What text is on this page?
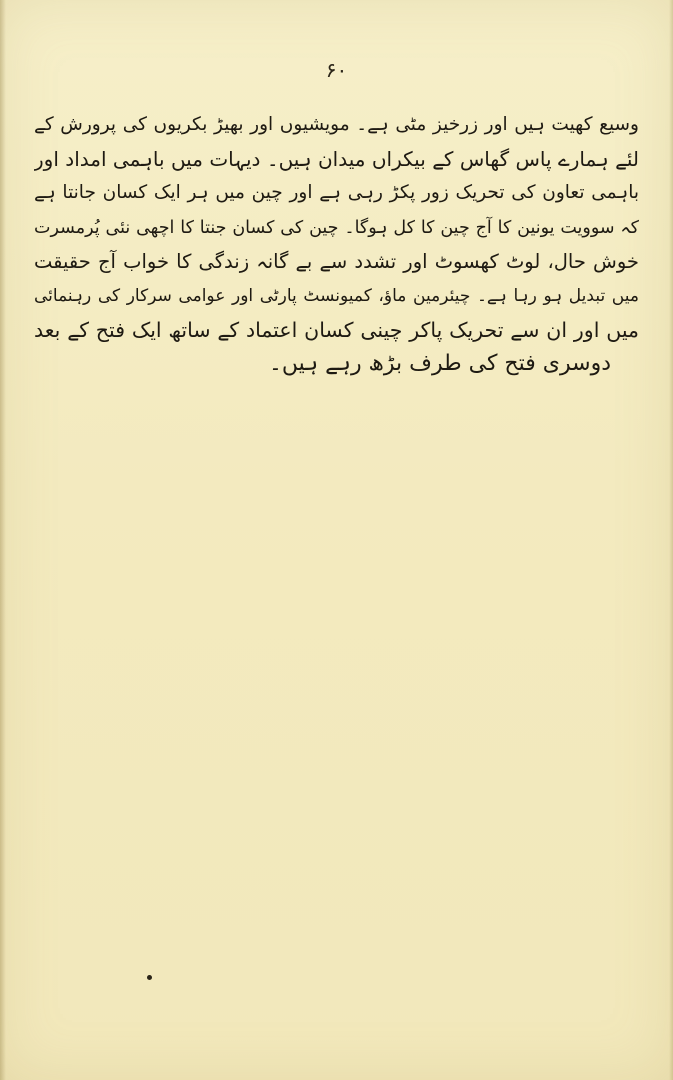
۶۰
وسیع کھیت ہیں اور زرخیز مٹی ہے۔ مویشیوں اور بھیڑ بکریوں کی پرورش کے
لئے ہمارے پاس گھاس کے بیکراں میدان ہیں۔ دیہات میں باہمی امداد اور
باہمی تعاون کی تحریک زور پکڑ رہی ہے اور چین میں ہر ایک کسان جانتا ہے
کہ سوویت یونین کا آج چین کا کل ہوگا۔ چین کی کسان جنتا کا اچھی نئی پُرمسرت
خوش حال، لوٹ کھسوٹ اور تشدد سے بے گانہ زندگی کا خواب آج حقیقت
میں تبدیل ہو رہا ہے۔ چیئرمین ماؤ، کمیونسٹ پارٹی اور عوامی سرکار کی رہنمائی
میں اور ان سے تحریک پاکر چینی کسان اعتماد کے ساتھ ایک فتح کے بعد
دوسری فتح کی طرف بڑھ رہے ہیں۔
